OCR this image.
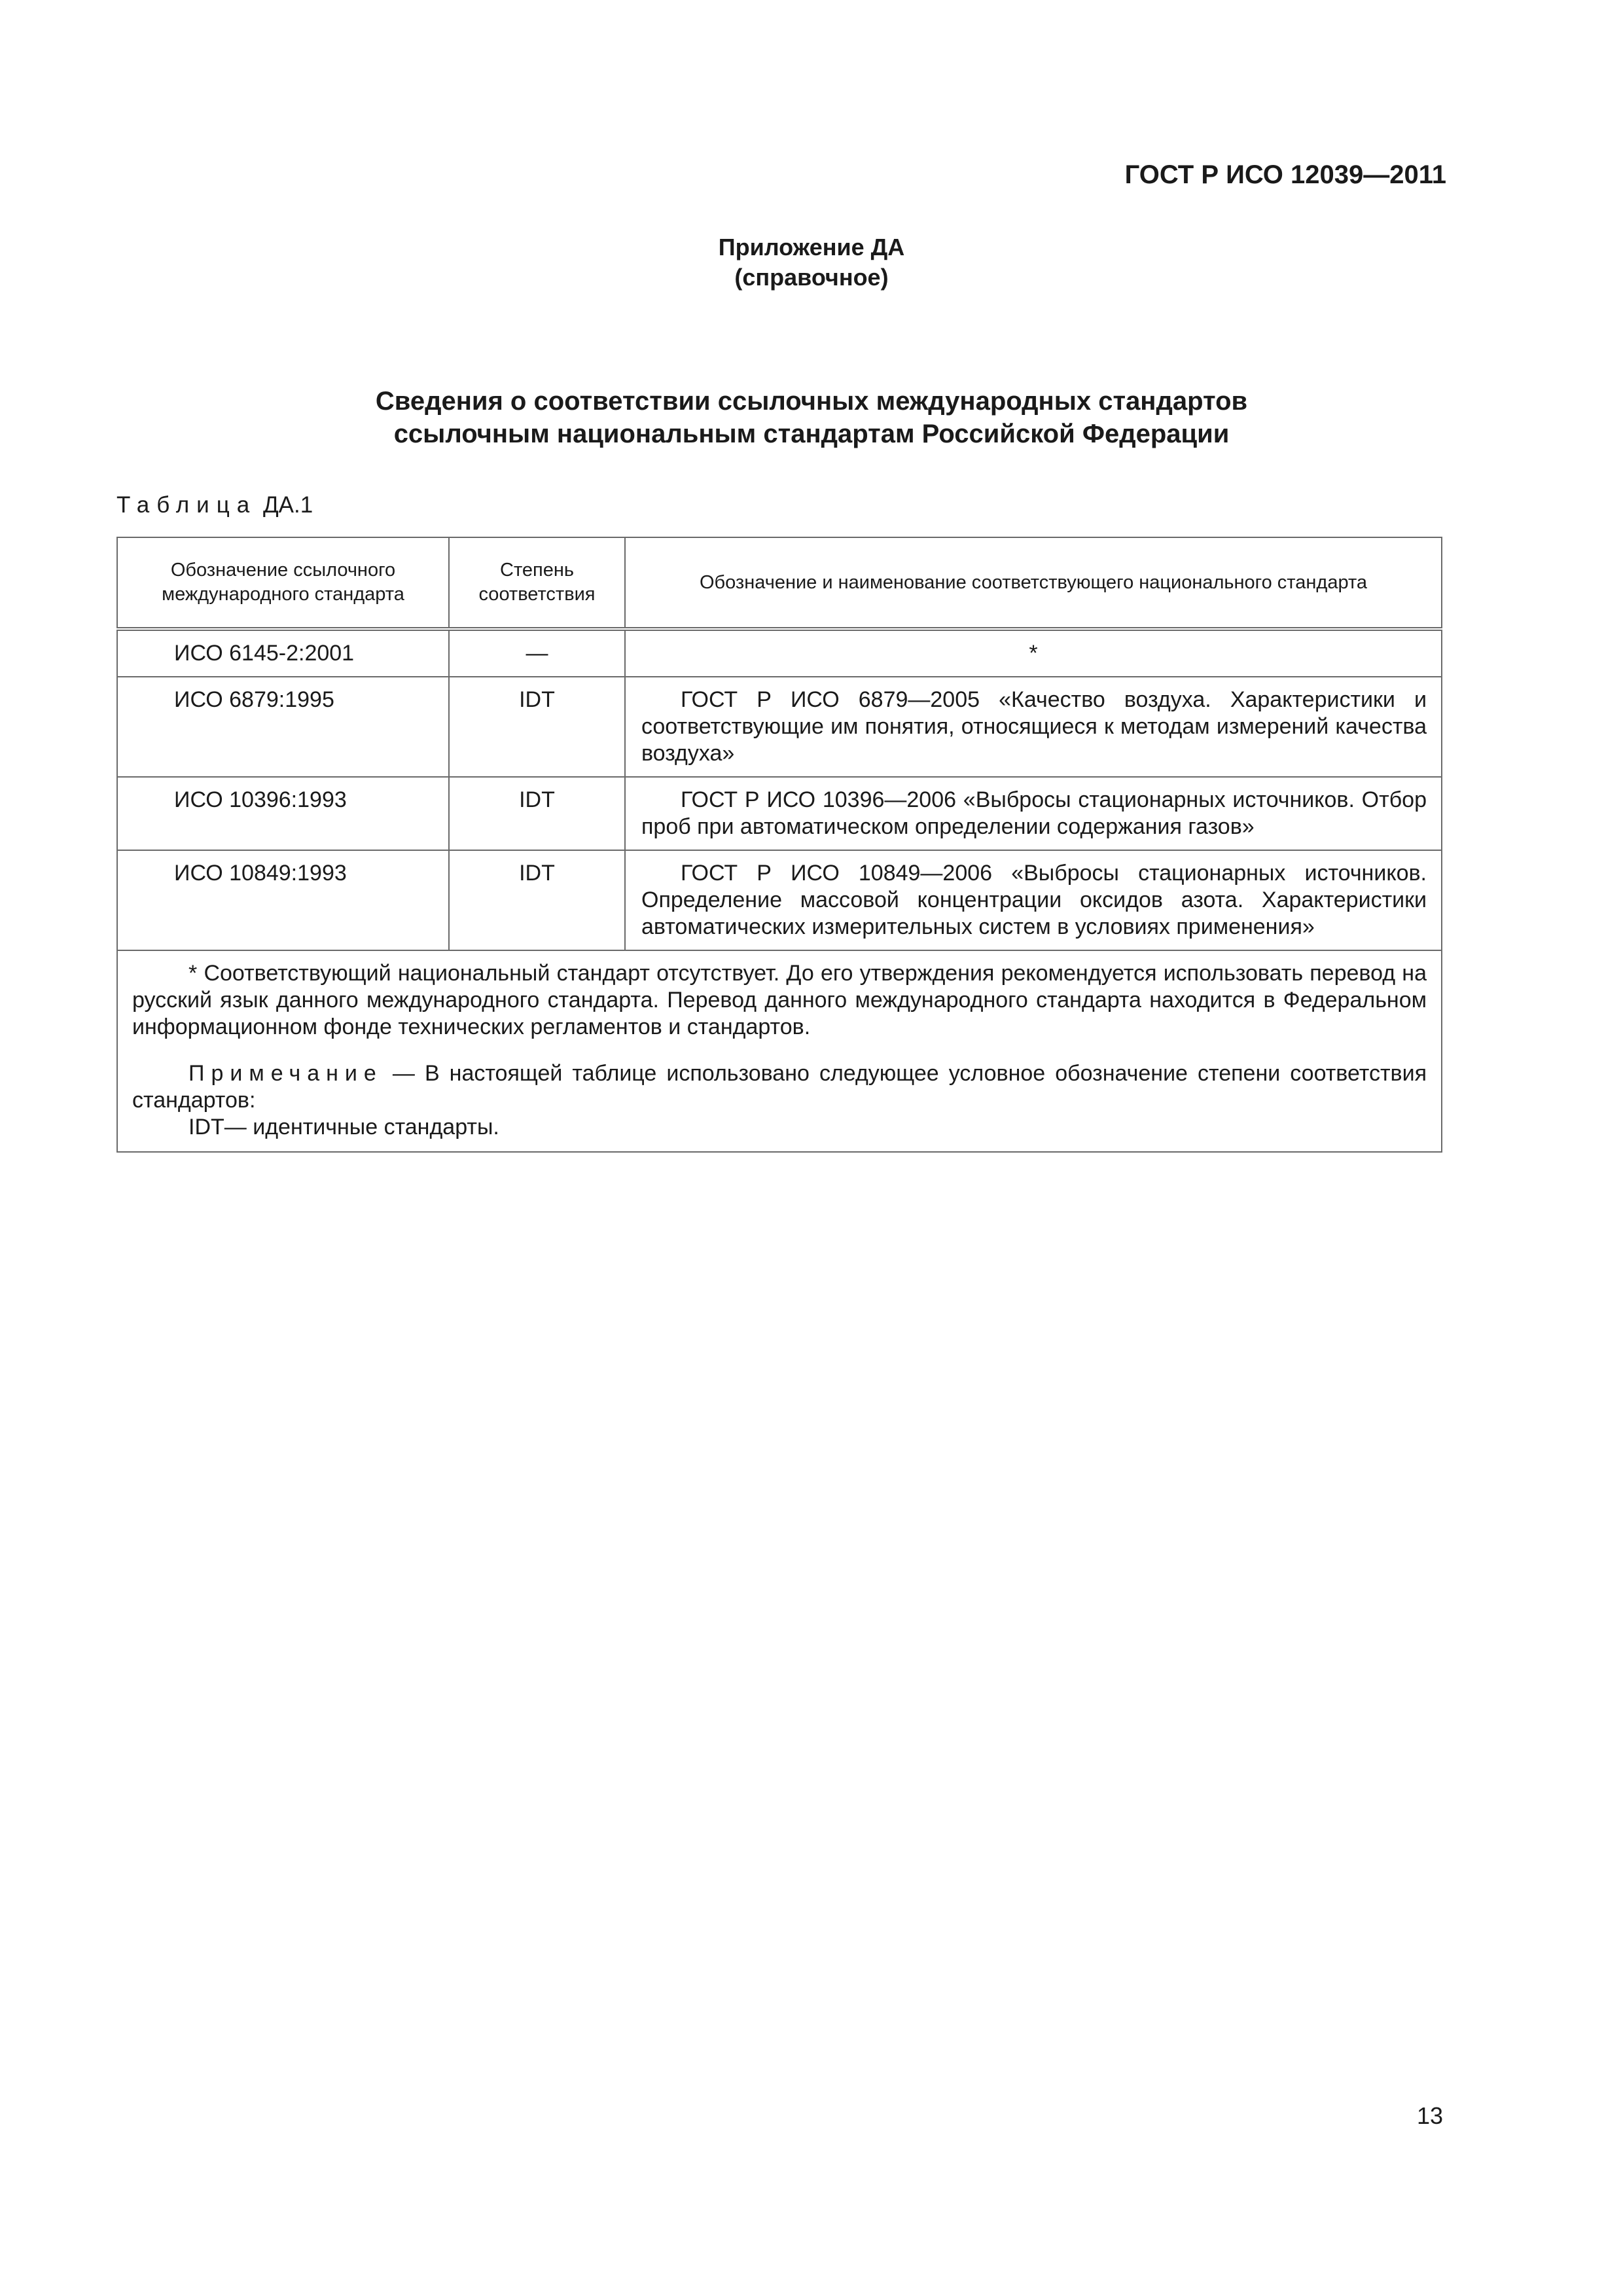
ГОСТ Р ИСО 12039—2011
Приложение ДА
(справочное)
Сведения о соответствии ссылочных международных стандартов
ссылочным национальным стандартам Российской Федерации
Таблица ДА.1
Обозначение ссылочного международного стандарта	Степень соответствия	Обозначение и наименование соответствующего национального стандарта
ИСО 6145-2:2001	—	*
ИСО 6879:1995	IDT	ГОСТ Р ИСО 6879—2005 «Качество воздуха. Характеристики и соответствующие им понятия, относящиеся к методам измерений качества воздуха»
ИСО 10396:1993	IDT	ГОСТ Р ИСО 10396—2006 «Выбросы стационарных источников. Отбор проб при автоматическом определении содержания газов»
ИСО 10849:1993	IDT	ГОСТ Р ИСО 10849—2006 «Выбросы стационарных источников. Определение массовой концентрации оксидов азота. Характеристики автоматических измерительных систем в условиях применения»

* Соответствующий национальный стандарт отсутствует. До его утверждения рекомендуется использовать перевод на русский язык данного международного стандарта. Перевод данного международного стандарта находится в Федеральном информационном фонде технических регламентов и стандартов.

Примечание — В настоящей таблице использовано следующее условное обозначение степени соответствия стандартов:

IDT— идентичные стандарты.		

13
